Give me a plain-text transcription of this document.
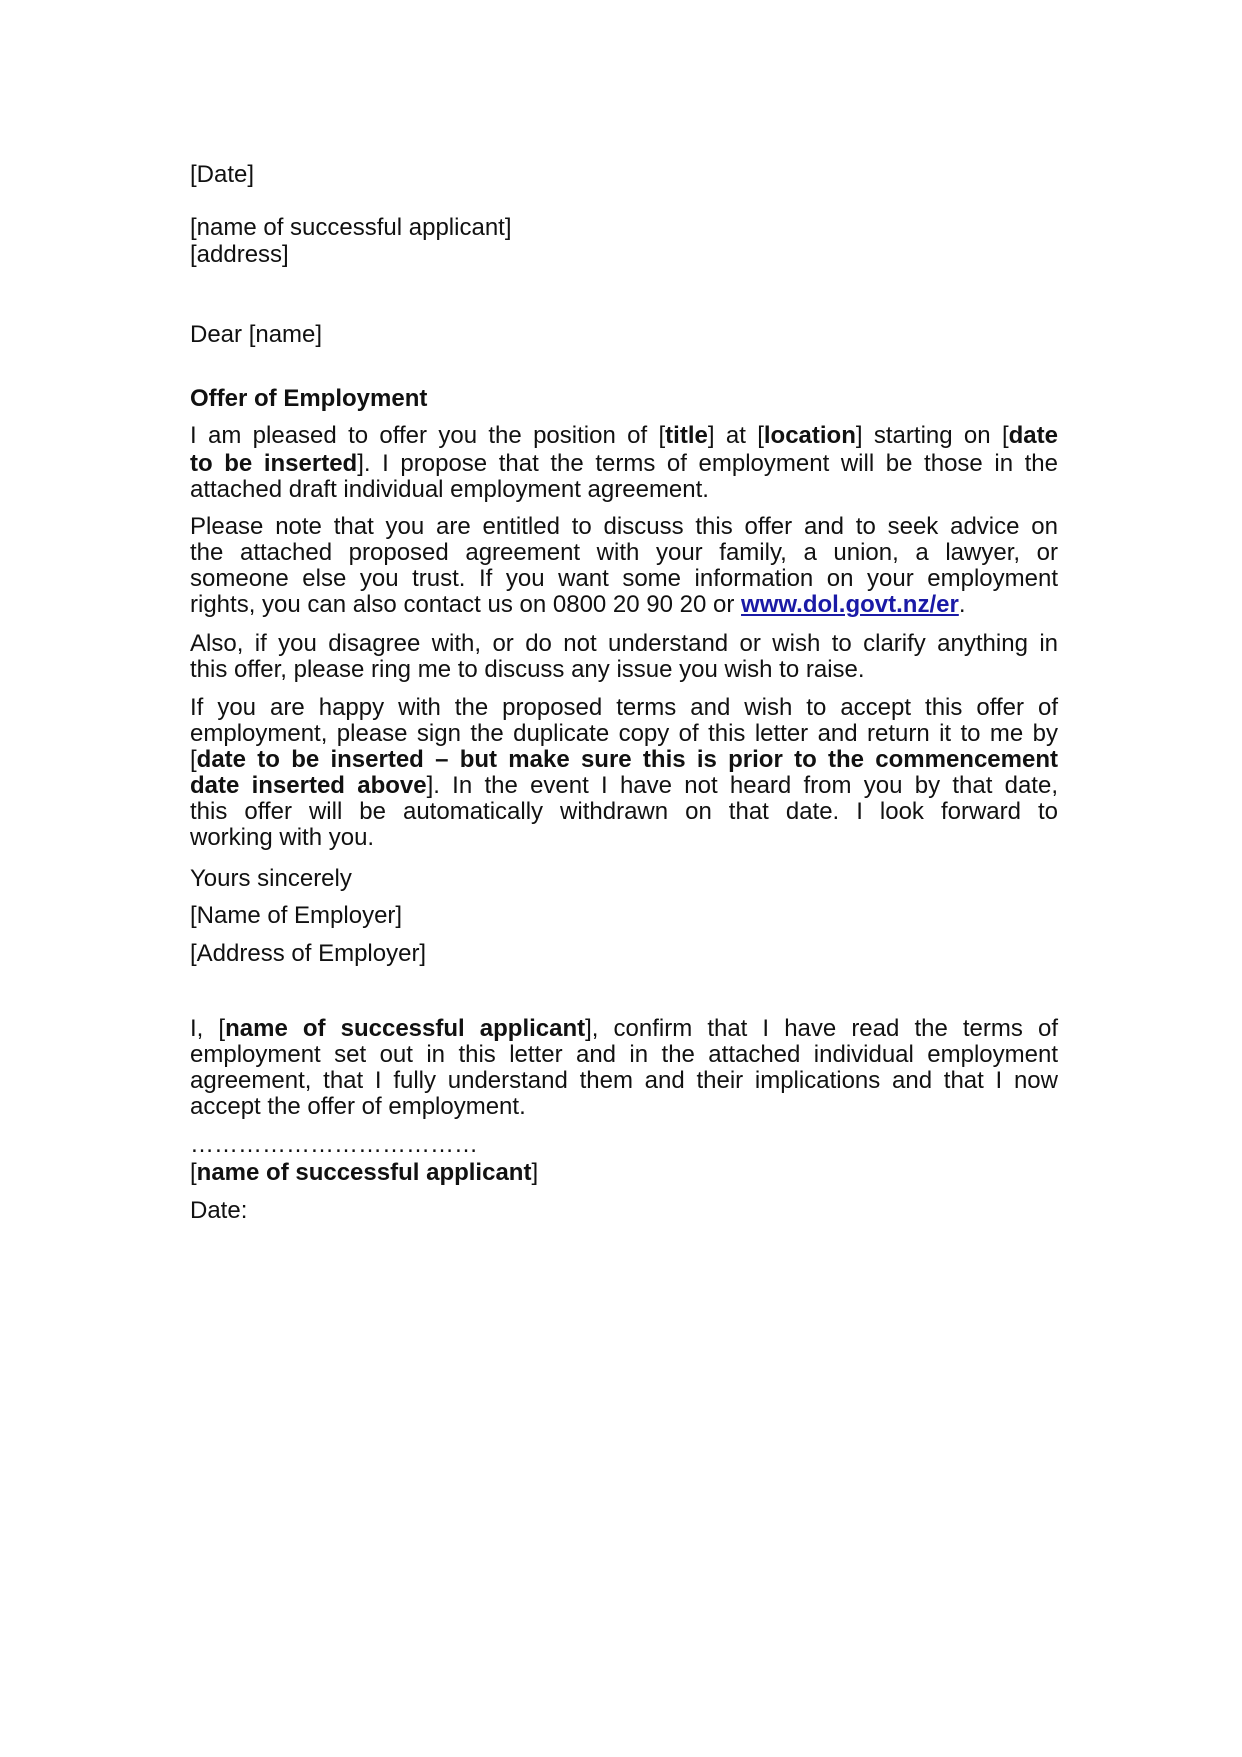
[Date]
[name of successful applicant]
[address]
Dear [name]
Offer of Employment
I am pleased to offer you the position of [title] at [location] starting on [date
to be inserted]. I propose that the terms of employment will be those in the
attached draft individual employment agreement.
Please note that you are entitled to discuss this offer and to seek advice on
the attached proposed agreement with your family, a union, a lawyer, or
someone else you trust. If you want some information on your employment
rights, you can also contact us on 0800 20 90 20 or www.dol.govt.nz/er.
Also, if you disagree with, or do not understand or wish to clarify anything in
this offer, please ring me to discuss any issue you wish to raise.
If you are happy with the proposed terms and wish to accept this offer of
employment, please sign the duplicate copy of this letter and return it to me by
[date to be inserted – but make sure this is prior to the commencement
date inserted above]. In the event I have not heard from you by that date,
this offer will be automatically withdrawn on that date. I look forward to
working with you.
Yours sincerely
[Name of Employer]
[Address of Employer]
I, [name of successful applicant], confirm that I have read the terms of
employment set out in this letter and in the attached individual employment
agreement, that I fully understand them and their implications and that I now
accept the offer of employment.
………………………………
[name of successful applicant]
Date:
